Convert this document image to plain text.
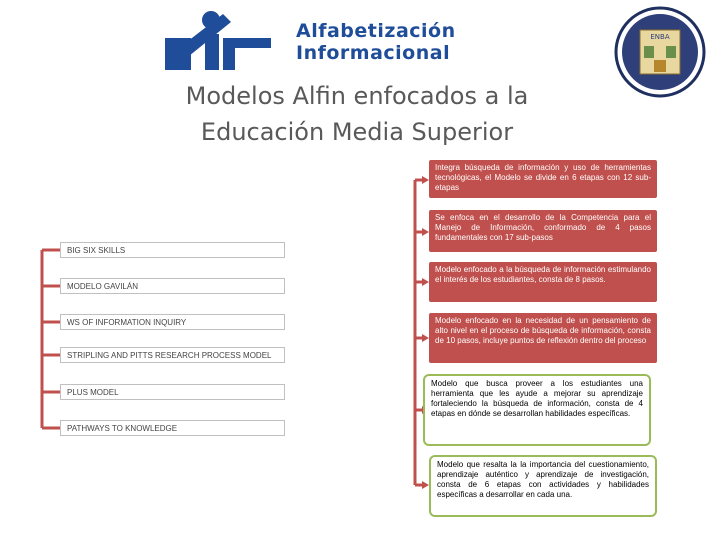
Alfabetización
Informacional
ENBA
Modelos Alfin enfocados a la
Educación Media Superior
BIG SIX SKILLS
MODELO GAVILÁN
WS OF INFORMATION INQUIRY
STRIPLING AND PITTS RESEARCH PROCESS MODEL
PLUS MODEL
PATHWAYS TO KNOWLEDGE
Integra búsqueda de información y uso de herramientas tecnológicas, el Modelo se divide en 6 etapas con 12 sub-etapas
Se enfoca en el desarrollo de la Competencia para el Manejo de Información, conformado de 4 pasos fundamentales con 17 sub-pasos
Modelo enfocado a la búsqueda de información estimulando el interés de los estudiantes, consta de 8 pasos.
Modelo enfocado en la necesidad de un pensamiento de alto nivel en el proceso de búsqueda de información, consta de 10 pasos, incluye puntos de reflexión dentro del proceso
Modelo que busca proveer a los estudiantes una herramienta que les ayude a mejorar su aprendizaje fortaleciendo la búsqueda de información, consta de 4 etapas en dónde se desarrollan habilidades específicas.
Modelo que resalta la la importancia del cuestionamiento, aprendizaje auténtico y aprendizaje de investigación, consta de 6 etapas con actividades y habilidades específicas a desarrollar en cada una.
